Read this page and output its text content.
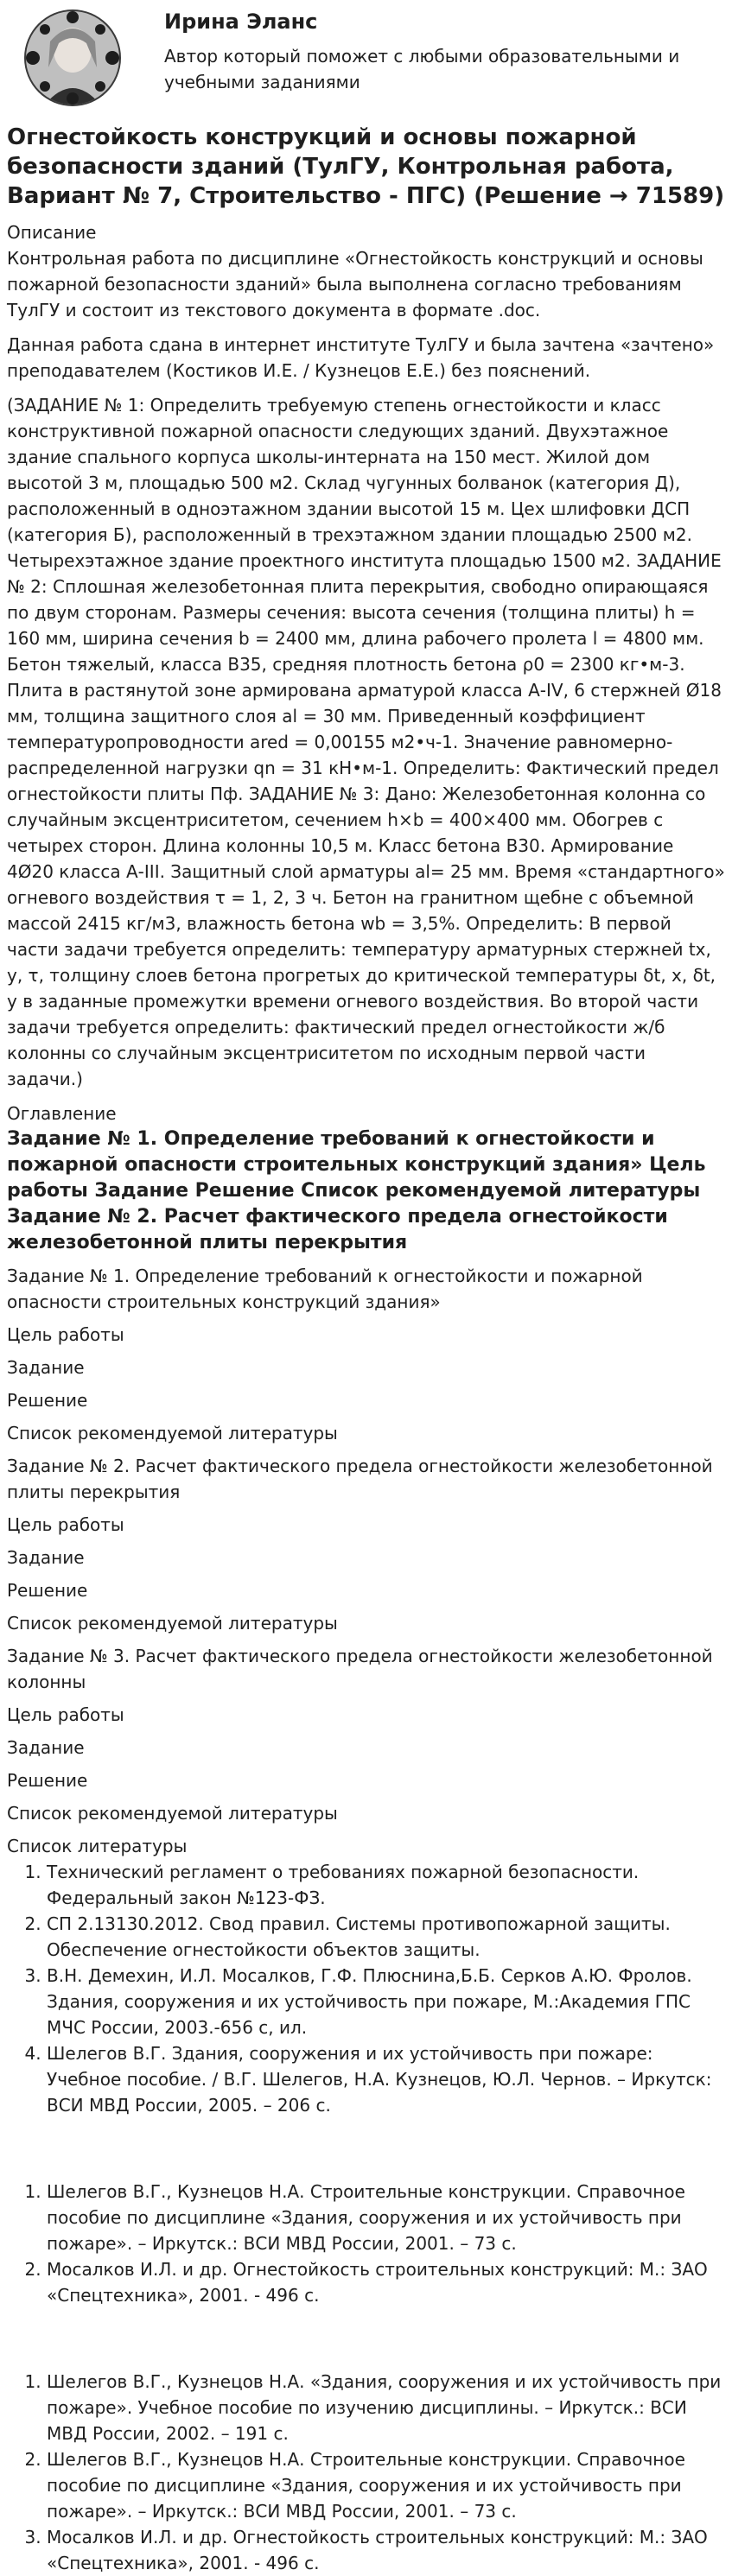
Ирина Эланс
Автор который поможет с любыми образовательными и учебными заданиями
Огнестойкость конструкций и основы пожарной безопасности зданий (ТулГУ, Контрольная работа, Вариант № 7, Строительство - ПГС) (Решение → 71589)
Описание

Контрольная работа по дисциплине «Огнестойкость конструкций и основы пожарной безопасности зданий» была выполнена согласно требованиям ТулГУ и состоит из текстового документа в формате .doc.

Данная работа сдана в интернет институте ТулГУ и была зачтена «зачтено» преподавателем (Костиков И.Е. / Кузнецов Е.Е.) без пояснений.

(ЗАДАНИЕ № 1: Определить требуемую степень огнестойкости и класс конструктивной пожарной опасности следующих зданий. Двухэтажное здание спального корпуса школы-интерната на 150 мест. Жилой дом высотой 3 м, площадью 500 м2. Склад чугунных болванок (категория Д), расположенный в одноэтажном здании высотой 15 м. Цех шлифовки ДСП (категория Б), расположенный в трехэтажном здании площадью 2500 м2. Четырехэтажное здание проектного института площадью 1500 м2. ЗАДАНИЕ № 2: Сплошная железобетонная плита перекрытия, свободно опирающаяся по двум сторонам. Размеры сечения: высота сечения (толщина плиты) h = 160 мм, ширина сечения b = 2400 мм, длина рабочего пролета l = 4800 мм. Бетон тяжелый, класса В35, средняя плотность бетона ρ0 = 2300 кг•м-3. Плита в растянутой зоне армирована арматурой класса А-IV, 6 стержней Ø18 мм, толщина защитного слоя al = 30 мм. Приведенный коэффициент температуропроводности ared = 0,00155 м2•ч-1. Значение равномерно-распределенной нагрузки qn = 31 кН•м-1. Определить: Фактический предел огнестойкости плиты Пф. ЗАДАНИЕ № 3: Дано: Железобетонная колонна со случайным эксцентриситетом, сечением h×b = 400×400 мм. Обогрев с четырех сторон. Длина колонны 10,5 м. Класс бетона В30. Армирование 4Ø20 класса А-III. Защитный слой арматуры al= 25 мм. Время «стандартного» огневого воздействия τ = 1, 2, 3 ч. Бетон на гранитном щебне с объемной массой 2415 кг/м3, влажность бетона wb = 3,5%. Определить: В первой части задачи требуется определить: температуру арматурных стержней tx, y, τ, толщину слоев бетона прогретых до критической температуры δt, x, δt, y в заданные промежутки времени огневого воздействия. Во второй части задачи требуется определить: фактический предел огнестойкости ж/б колонны со случайным эксцентриситетом по исходным первой части задачи.)

Оглавление
Задание № 1. Определение требований к огнестойкости и пожарной опасности строительных конструкций здания» Цель работы Задание Решение Список рекомендуемой литературы Задание № 2. Расчет фактического предела огнестойкости железобетонной плиты перекрытия
Задание № 1. Определение требований к огнестойкости и пожарной опасности строительных конструкций здания»
Цель работы
Задание
Решение
Список рекомендуемой литературы
Задание № 2. Расчет фактического предела огнестойкости железобетонной плиты перекрытия
Цель работы
Задание
Решение
Список рекомендуемой литературы
Задание № 3. Расчет фактического предела огнестойкости железобетонной колонны
Цель работы
Задание
Решение
Список рекомендуемой литературы
Список литературы
1. Технический регламент о требованиях пожарной безопасности. Федеральный закон №123-ФЗ.
2. СП 2.13130.2012. Свод правил. Системы противопожарной защиты. Обеспечение огнестойкости объектов защиты.
3. В.Н. Демехин, И.Л. Мосалков, Г.Ф. Плюснина,Б.Б. Серков А.Ю. Фролов. Здания, сооружения и их устойчивость при пожаре, М.:Академия ГПС МЧС России, 2003.-656 с, ил.
4. Шелегов В.Г. Здания, сооружения и их устойчивость при пожаре: Учебное пособие. / В.Г. Шелегов, Н.А. Кузнецов, Ю.Л. Чернов. – Иркутск: ВСИ МВД России, 2005. – 206 с.
1. Шелегов В.Г., Кузнецов Н.А. Строительные конструкции. Справочное пособие по дисциплине «Здания, сооружения и их устойчивость при пожаре». – Иркутск.: ВСИ МВД России, 2001. – 73 с.
2. Мосалков И.Л. и др. Огнестойкость строительных конструкций: М.: ЗАО «Спецтехника», 2001. - 496 с.
1. Шелегов В.Г., Кузнецов Н.А. «Здания, сооружения и их устойчивость при пожаре». Учебное пособие по изучению дисциплины. – Иркутск.: ВСИ МВД России, 2002. – 191 с.
2. Шелегов В.Г., Кузнецов Н.А. Строительные конструкции. Справочное пособие по дисциплине «Здания, сооружения и их устойчивость при пожаре». – Иркутск.: ВСИ МВД России, 2001. – 73 с.
3. Мосалков И.Л. и др. Огнестойкость строительных конструкций: М.: ЗАО «Спецтехника», 2001. - 496 с.
